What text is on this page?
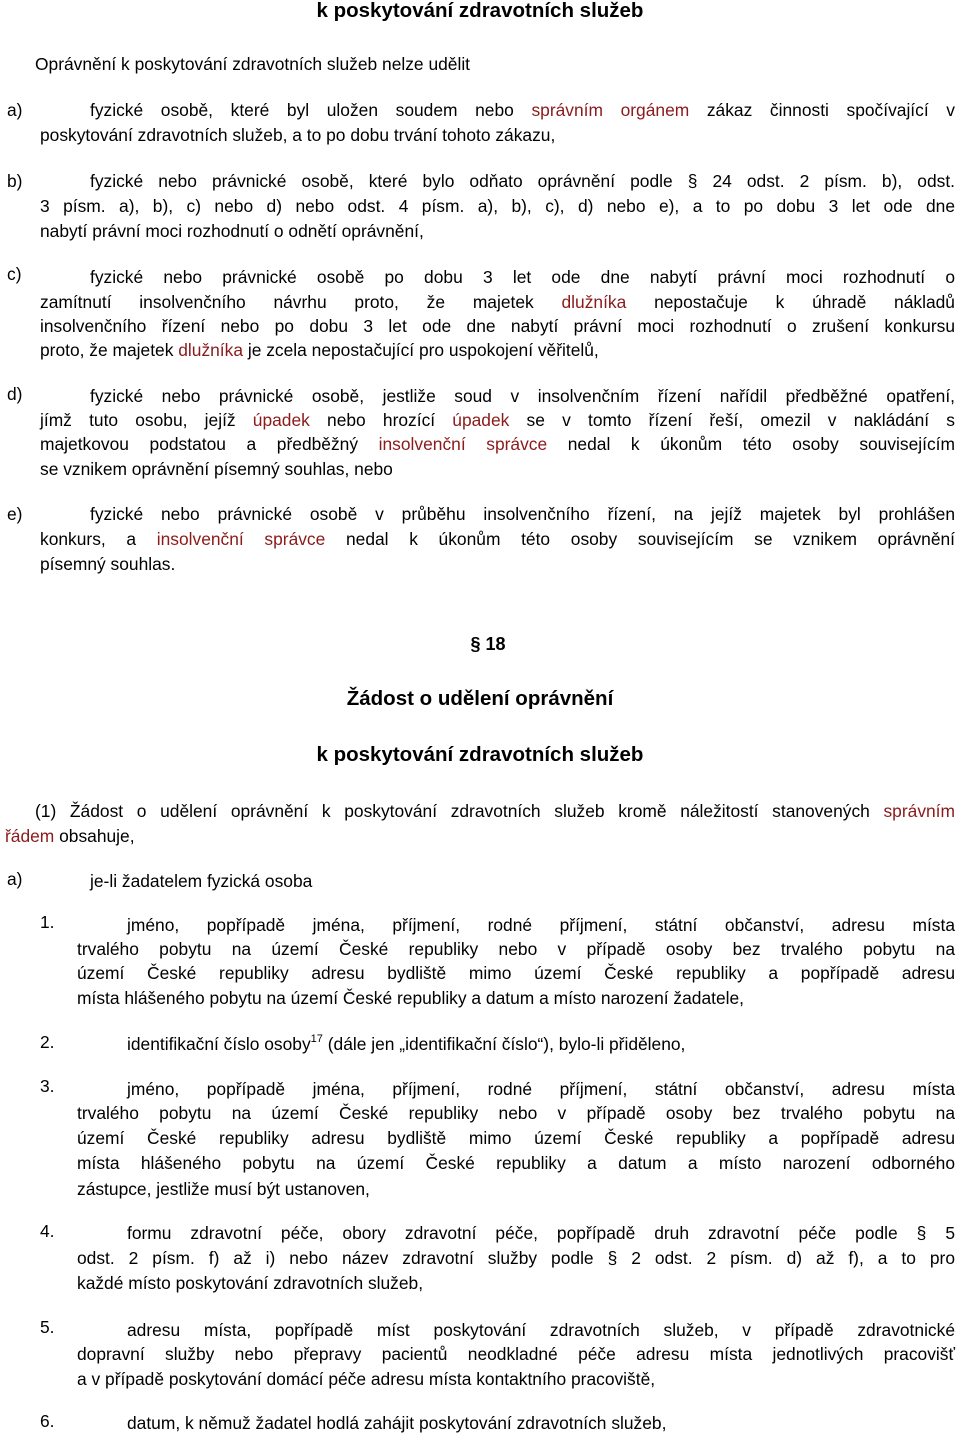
k poskytování zdravotních služeb
Oprávnění k poskytování zdravotních služeb nelze udělit
a)	fyzické osobě, které byl uložen soudem nebo správním orgánem zákaz činnosti spočívající v
poskytování zdravotních služeb, a to po dobu trvání tohoto zákazu,
b)	fyzické nebo právnické osobě, které bylo odňato oprávnění podle § 24 odst. 2 písm. b), odst.
3 písm. a), b), c) nebo d) nebo odst. 4 písm. a), b), c), d) nebo e), a to po dobu 3 let ode dne
nabytí právní moci rozhodnutí o odnětí oprávnění,
c)	fyzické nebo právnické osobě po dobu 3 let ode dne nabytí právní moci rozhodnutí o
zamítnutí insolvenčního návrhu proto, že majetek dlužníka nepostačuje k úhradě nákladů
insolvenčního řízení nebo po dobu 3 let ode dne nabytí právní moci rozhodnutí o zrušení konkursu
proto, že majetek dlužníka je zcela nepostačující pro uspokojení věřitelů,
d)	fyzické nebo právnické osobě, jestliže soud v insolvenčním řízení nařídil předběžné opatření,
jímž tuto osobu, jejíž úpadek nebo hrozící úpadek se v tomto řízení řeší, omezil v nakládání s
majetkovou podstatou a předběžný insolvenční správce nedal k úkonům této osoby souvisejícím
se vznikem oprávnění písemný souhlas, nebo
e)	fyzické nebo právnické osobě v průběhu insolvenčního řízení, na jejíž majetek byl prohlášen
konkurs, a insolvenční správce nedal k úkonům této osoby souvisejícím se vznikem oprávnění
písemný souhlas.
§ 18
Žádost o udělení oprávnění
k poskytování zdravotních služeb
(1) Žádost o udělení oprávnění k poskytování zdravotních služeb kromě náležitostí stanovených správním
řádem obsahuje,
a)	je-li žadatelem fyzická osoba
1.	jméno, popřípadě jména, příjmení, rodné příjmení, státní občanství, adresu místa
trvalého pobytu na území České republiky nebo v případě osoby bez trvalého pobytu na
území České republiky adresu bydliště mimo území České republiky a popřípadě adresu
místa hlášeného pobytu na území České republiky a datum a místo narození žadatele,
2.	identifikační číslo osoby$^{17}$ (dále jen „identifikační číslo“), bylo-li přiděleno,
3.	jméno, popřípadě jména, příjmení, rodné příjmení, státní občanství, adresu místa
trvalého pobytu na území České republiky nebo v případě osoby bez trvalého pobytu na
území České republiky adresu bydliště mimo území České republiky a popřípadě adresu
místa hlášeného pobytu na území České republiky a datum a místo narození odborného
zástupce, jestliže musí být ustanoven,
4.	formu zdravotní péče, obory zdravotní péče, popřípadě druh zdravotní péče podle § 5
odst. 2 písm. f) až i) nebo název zdravotní služby podle § 2 odst. 2 písm. d) až f), a to pro
každé místo poskytování zdravotních služeb,
5.	adresu místa, popřípadě míst poskytování zdravotních služeb, v případě zdravotnické
dopravní služby nebo přepravy pacientů neodkladné péče adresu místa jednotlivých pracovišť
a v případě poskytování domácí péče adresu místa kontaktního pracoviště,
6.	datum, k němuž žadatel hodlá zahájit poskytování zdravotních služeb,
